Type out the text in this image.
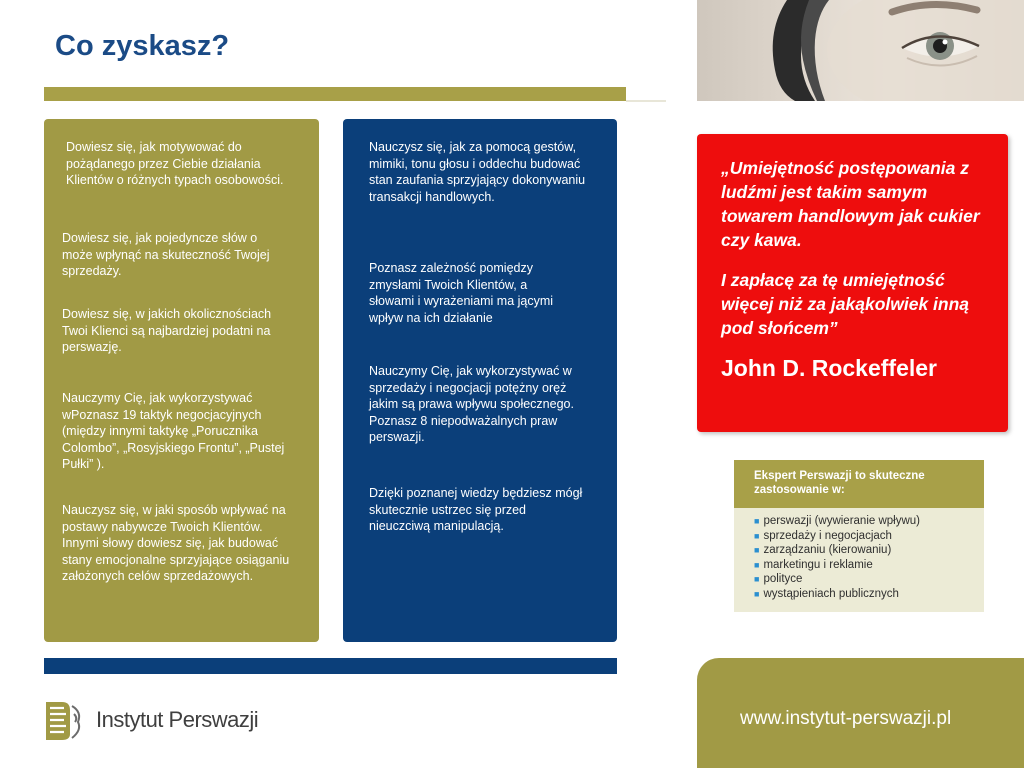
Co zyskasz?
Dowiesz się, jak motywować do pożądanego przez Ciebie działania Klientów o różnych typach osobowości.
Dowiesz się, jak pojedyncze słów o może wpłynąć na skuteczność Twojej sprzedaży.
Dowiesz się, w jakich okolicznościach Twoi Klienci są najbardziej podatni na perswazję.
Nauczymy Cię, jak wykorzystywać wPoznasz 19 taktyk negocjacyjnych (między innymi taktykę „Porucznika Colombo”, „Rosyjskiego Frontu”, „Pustej Pułki” ).
Nauczysz się, w jaki sposób wpływać na postawy nabywcze Twoich Klientów. Innymi słowy dowiesz się, jak budować stany emocjonalne sprzyjające osiąganiu założonych celów sprzedażowych.
Nauczysz się, jak za pomocą gestów, mimiki, tonu głosu i oddechu budować stan zaufania sprzyjający dokonywaniu transakcji handlowych.
Poznasz zależność pomiędzy zmysłami Twoich Klientów, a słowami i wyrażeniami ma jącymi wpływ na ich działanie
Nauczymy Cię, jak wykorzystywać w sprzedaży i negocjacji potężny oręż jakim są prawa wpływu społecznego. Poznasz 8 niepodważalnych praw perswazji.
Dzięki poznanej wiedzy będziesz mógł skutecznie ustrzec się przed nieuczciwą manipulacją.
„Umiejętność postępowania z ludźmi jest takim samym towarem handlowym jak cukier czy kawa.
I zapłacę za tę umiejętność więcej niż za jakąkolwiek inną pod słońcem”
John D. Rockeffeler
Ekspert Perswazji to skuteczne zastosowanie w:
■ perswazji (wywieranie wpływu)
■ sprzedaży i negocjacjach
■ zarządzaniu (kierowaniu)
■ marketingu i reklamie
■ polityce
■ wystąpieniach publicznych
www.instytut-perswazji.pl
Instytut Perswazji
